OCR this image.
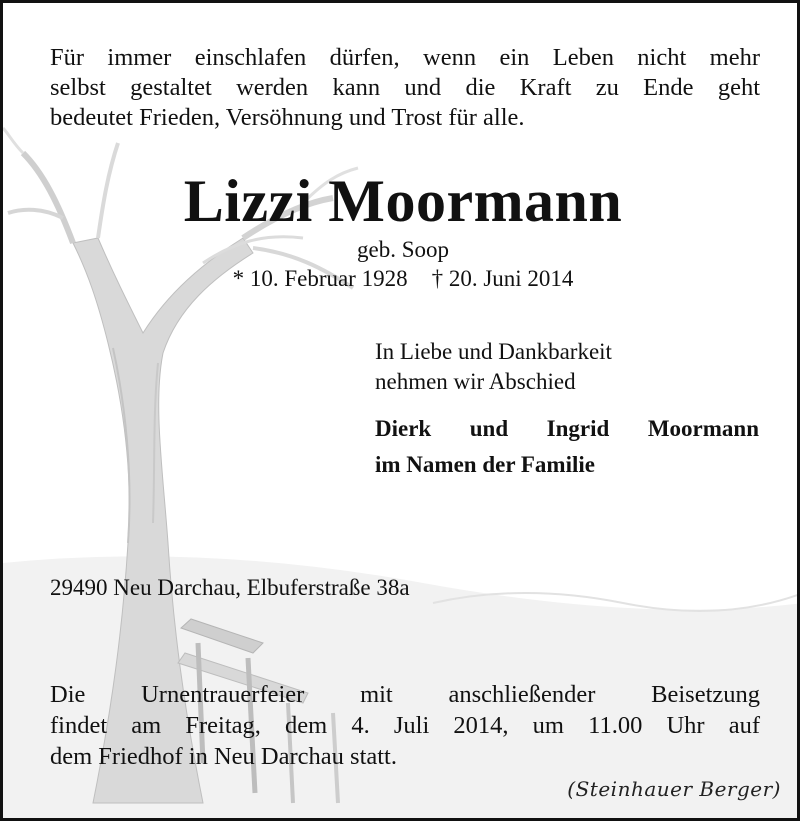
Für immer einschlafen dürfen, wenn ein Leben nicht mehr
selbst gestaltet werden kann und die Kraft zu Ende geht
bedeutet Frieden, Versöhnung und Trost für alle.
Lizzi Moormann
geb. Soop
* 10. Februar 1928 † 20. Juni 2014
In Liebe und Dankbarkeit
nehmen wir Abschied
Dierk und Ingrid Moormann
im Namen der Familie
29490 Neu Darchau, Elbuferstraße 38a
Die Urnentrauerfeier mit anschließender Beisetzung
findet am Freitag, dem 4. Juli 2014, um 11.00 Uhr auf
dem Friedhof in Neu Darchau statt.
(Steinhauer Berger)
